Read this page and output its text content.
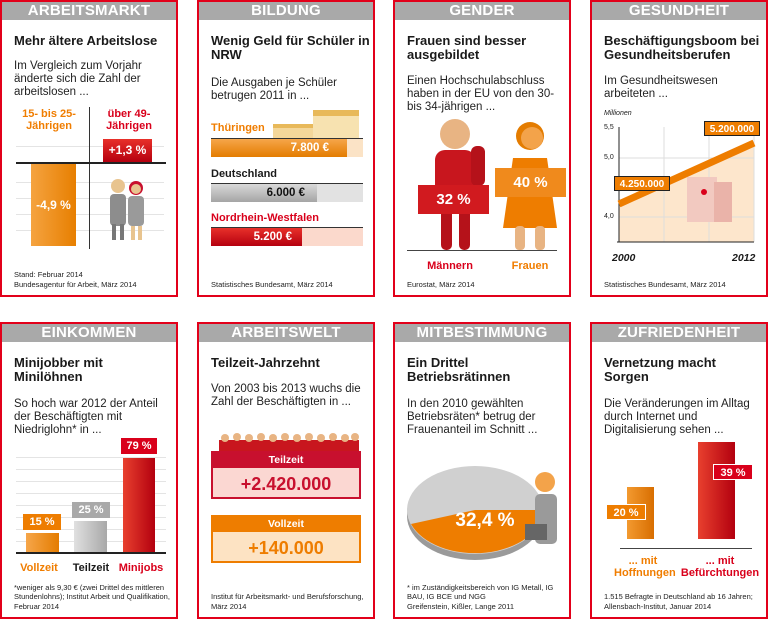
ARBEITSMARKT
Mehr ältere Arbeitslose
Im Vergleich zum Vorjahr änderte sich die Zahl der arbeitslosen ...
15- bis 25-Jährigen
über 49-Jährigen
+1,3 %
-4,9 %
Stand: Februar 2014
Bundesagentur für Arbeit, März 2014
BILDUNG
Wenig Geld für Schüler in NRW
Die Ausgaben je Schüler betrugen 2011 in ...
Thüringen
7.800 €
Deutschland
6.000 €
Nordrhein-Westfalen
5.200 €
Statistisches Bundesamt, März 2014
GENDER
Frauen sind besser ausgebildet
Einen Hochschulabschluss haben in der EU von den 30- bis 34-jährigen ...
32 %
40 %
Männern	Frauen
Eurostat, März 2014
GESUNDHEIT
Beschäftigungsboom bei Gesundheitsberufen
Im Gesundheitswesen arbeiteten ...
Millionen
5,5
5,0
4,0
5.200.000
4.250.000
2000	2012
Statistisches Bundesamt, März 2014
EINKOMMEN
Minijobber mit Minilöhnen
So hoch war 2012 der Anteil der Beschäftigten mit Niedriglohn* in ...
15 %
25 %
79 %
Vollzeit	Teilzeit Minijobs
*weniger als 9,30 € (zwei Drittel des mittleren Stundenlohns); Institut Arbeit und Qualifikation, Februar 2014
ARBEITSWELT
Teilzeit-Jahrzehnt
Von 2003 bis 2013 wuchs die Zahl der Beschäftigten in ...
Teilzeit
+2.420.000
Vollzeit
+140.000
Institut für Arbeitsmarkt- und Berufsforschung, März 2014
MITBESTIMMUNG
Ein Drittel Betriebsrätinnen
In den 2010 gewählten Betriebsräten* betrug der Frauenanteil im Schnitt ...
32,4 %
* im Zuständigkeitsbereich von IG Metall, IG BAU, IG BCE und NGG
Greifenstein, Kißler, Lange 2011
ZUFRIEDENHEIT
Vernetzung macht Sorgen
Die Veränderungen im Alltag durch Internet und Digitalisierung sehen ...
20 %
39 %
... mit Hoffnungen
... mit Befürchtungen
1.515 Befragte in Deutschland ab 16 Jahren; Allensbach-Institut, Januar 2014
